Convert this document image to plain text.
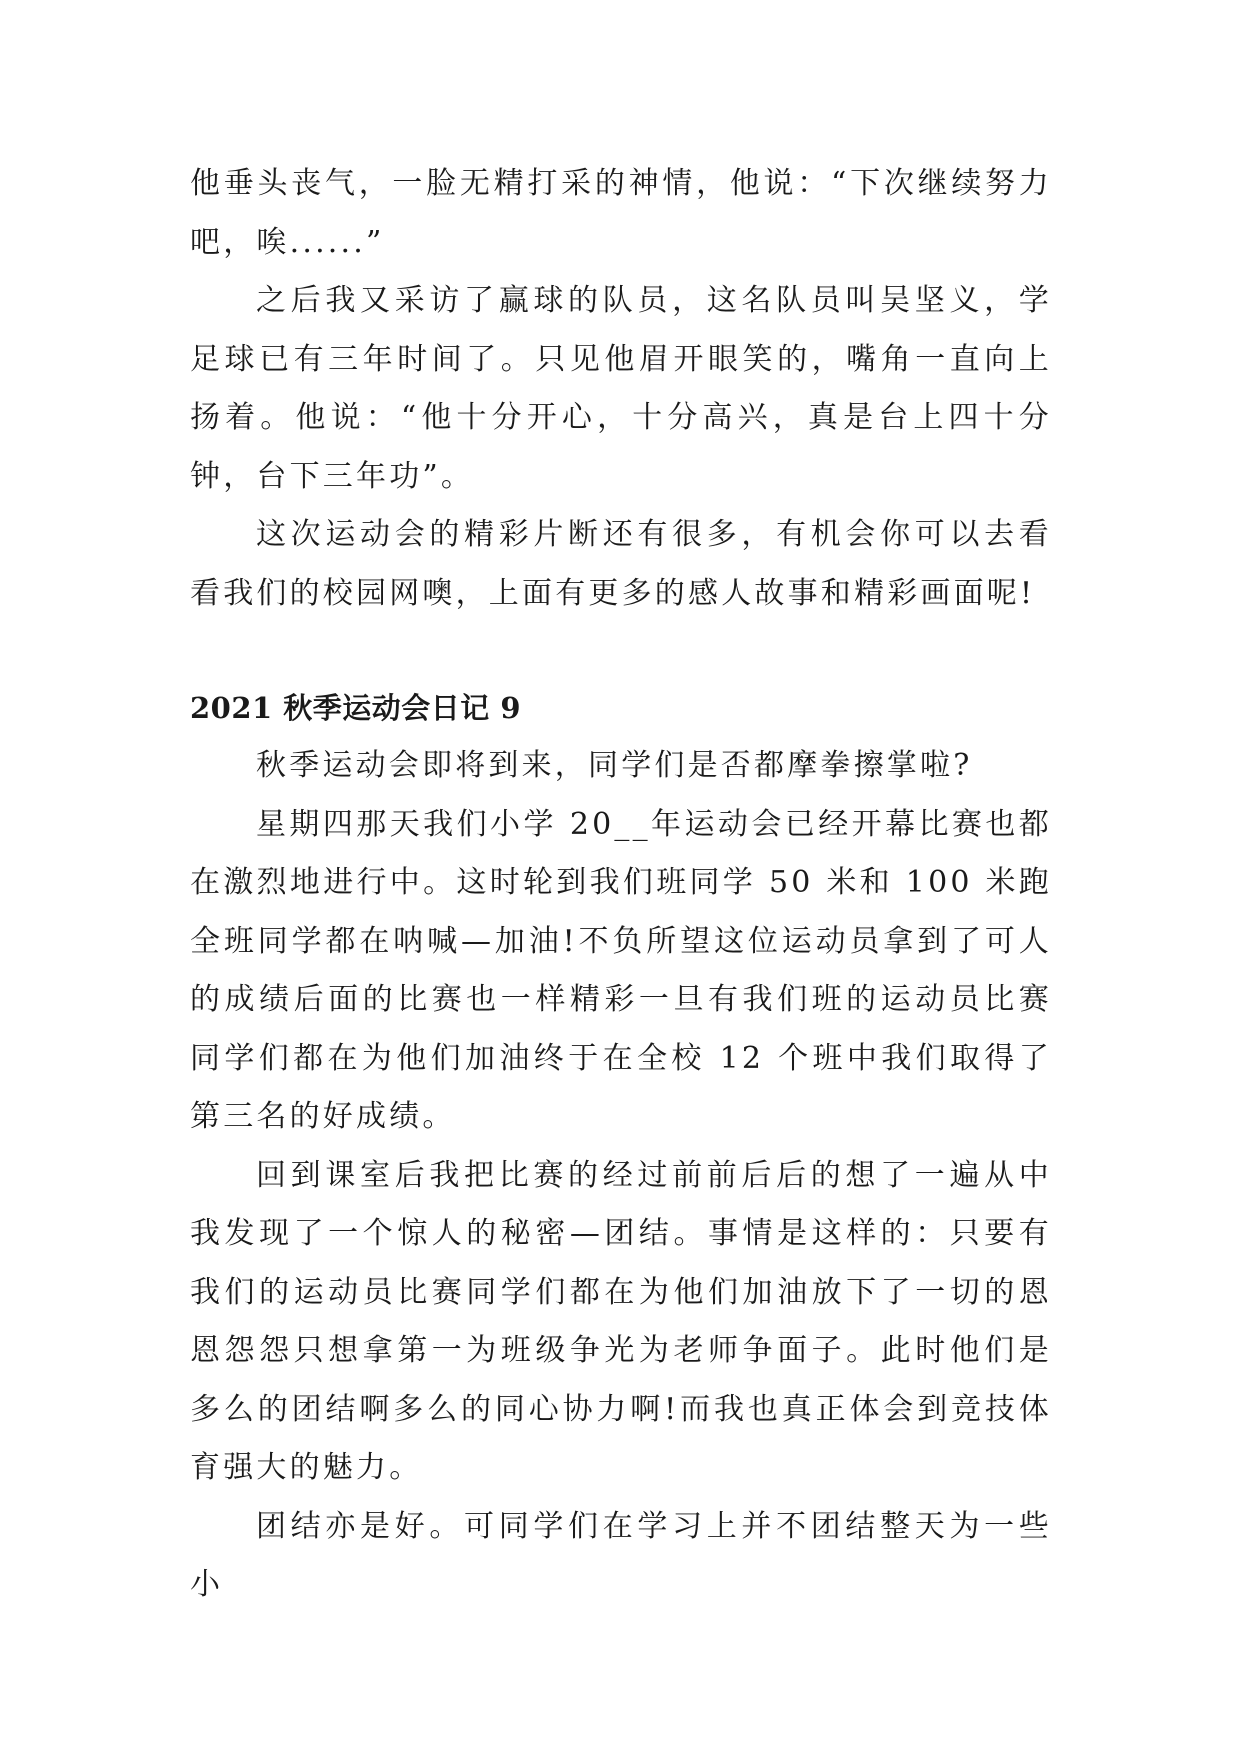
他垂头丧气，一脸无精打采的神情，他说：“下次继续努力吧，唉......”

之后我又采访了赢球的队员，这名队员叫吴坚义，学足球已有三年时间了。只见他眉开眼笑的，嘴角一直向上扬着。他说：“他十分开心，十分高兴，真是台上四十分钟，台下三年功”。

这次运动会的精彩片断还有很多，有机会你可以去看看我们的校园网噢，上面有更多的感人故事和精彩画面呢!

2021 秋季运动会日记 9

秋季运动会即将到来，同学们是否都摩拳擦掌啦?

星期四那天我们小学 20__年运动会已经开幕比赛也都在激烈地进行中。这时轮到我们班同学 50 米和 100 米跑全班同学都在呐喊—加油!不负所望这位运动员拿到了可人的成绩后面的比赛也一样精彩一旦有我们班的运动员比赛同学们都在为他们加油终于在全校 12 个班中我们取得了第三名的好成绩。

回到课室后我把比赛的经过前前后后的想了一遍从中我发现了一个惊人的秘密—团结。事情是这样的：只要有我们的运动员比赛同学们都在为他们加油放下了一切的恩恩怨怨只想拿第一为班级争光为老师争面子。此时他们是多么的团结啊多么的同心协力啊!而我也真正体会到竞技体育强大的魅力。

团结亦是好。可同学们在学习上并不团结整天为一些小
